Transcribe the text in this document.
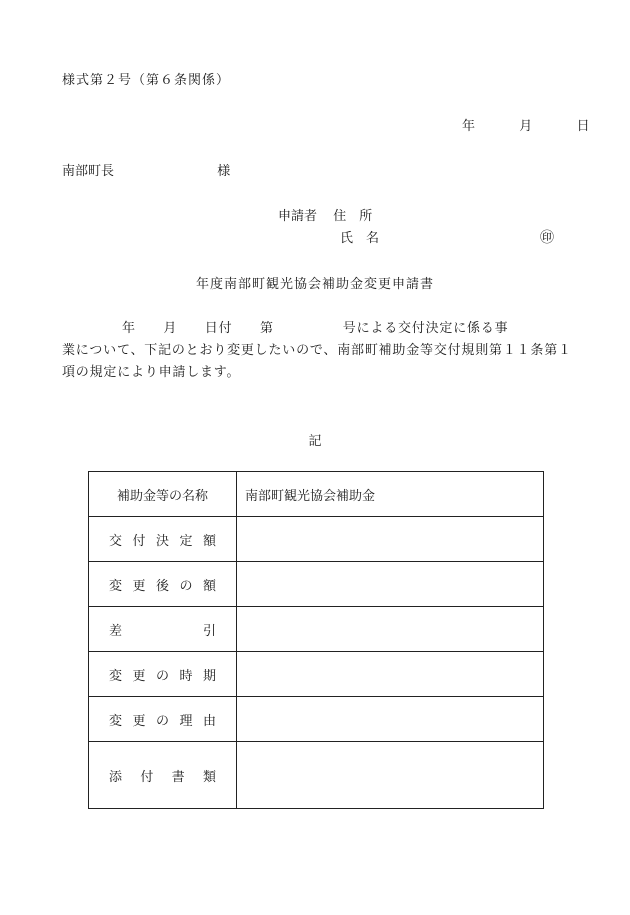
様式第２号（第６条関係）
年	月	日
南部町長	様
申請者 住　所
氏　名	㊞
年度南部町観光協会補助金変更申請書
年　　月　　日付　　第　　　　　号による交付決定に係る事
業について、下記のとおり変更したいので、南部町補助金等交付規則第１１条第１項の規定により申請します。
記
補助金等の名称	南部町観光協会補助金

交 付 決 定 額	

変 更 後 の 額	

差 引	

変 更 の 時 期	

変 更 の 理 由	

添 付 書 類	
